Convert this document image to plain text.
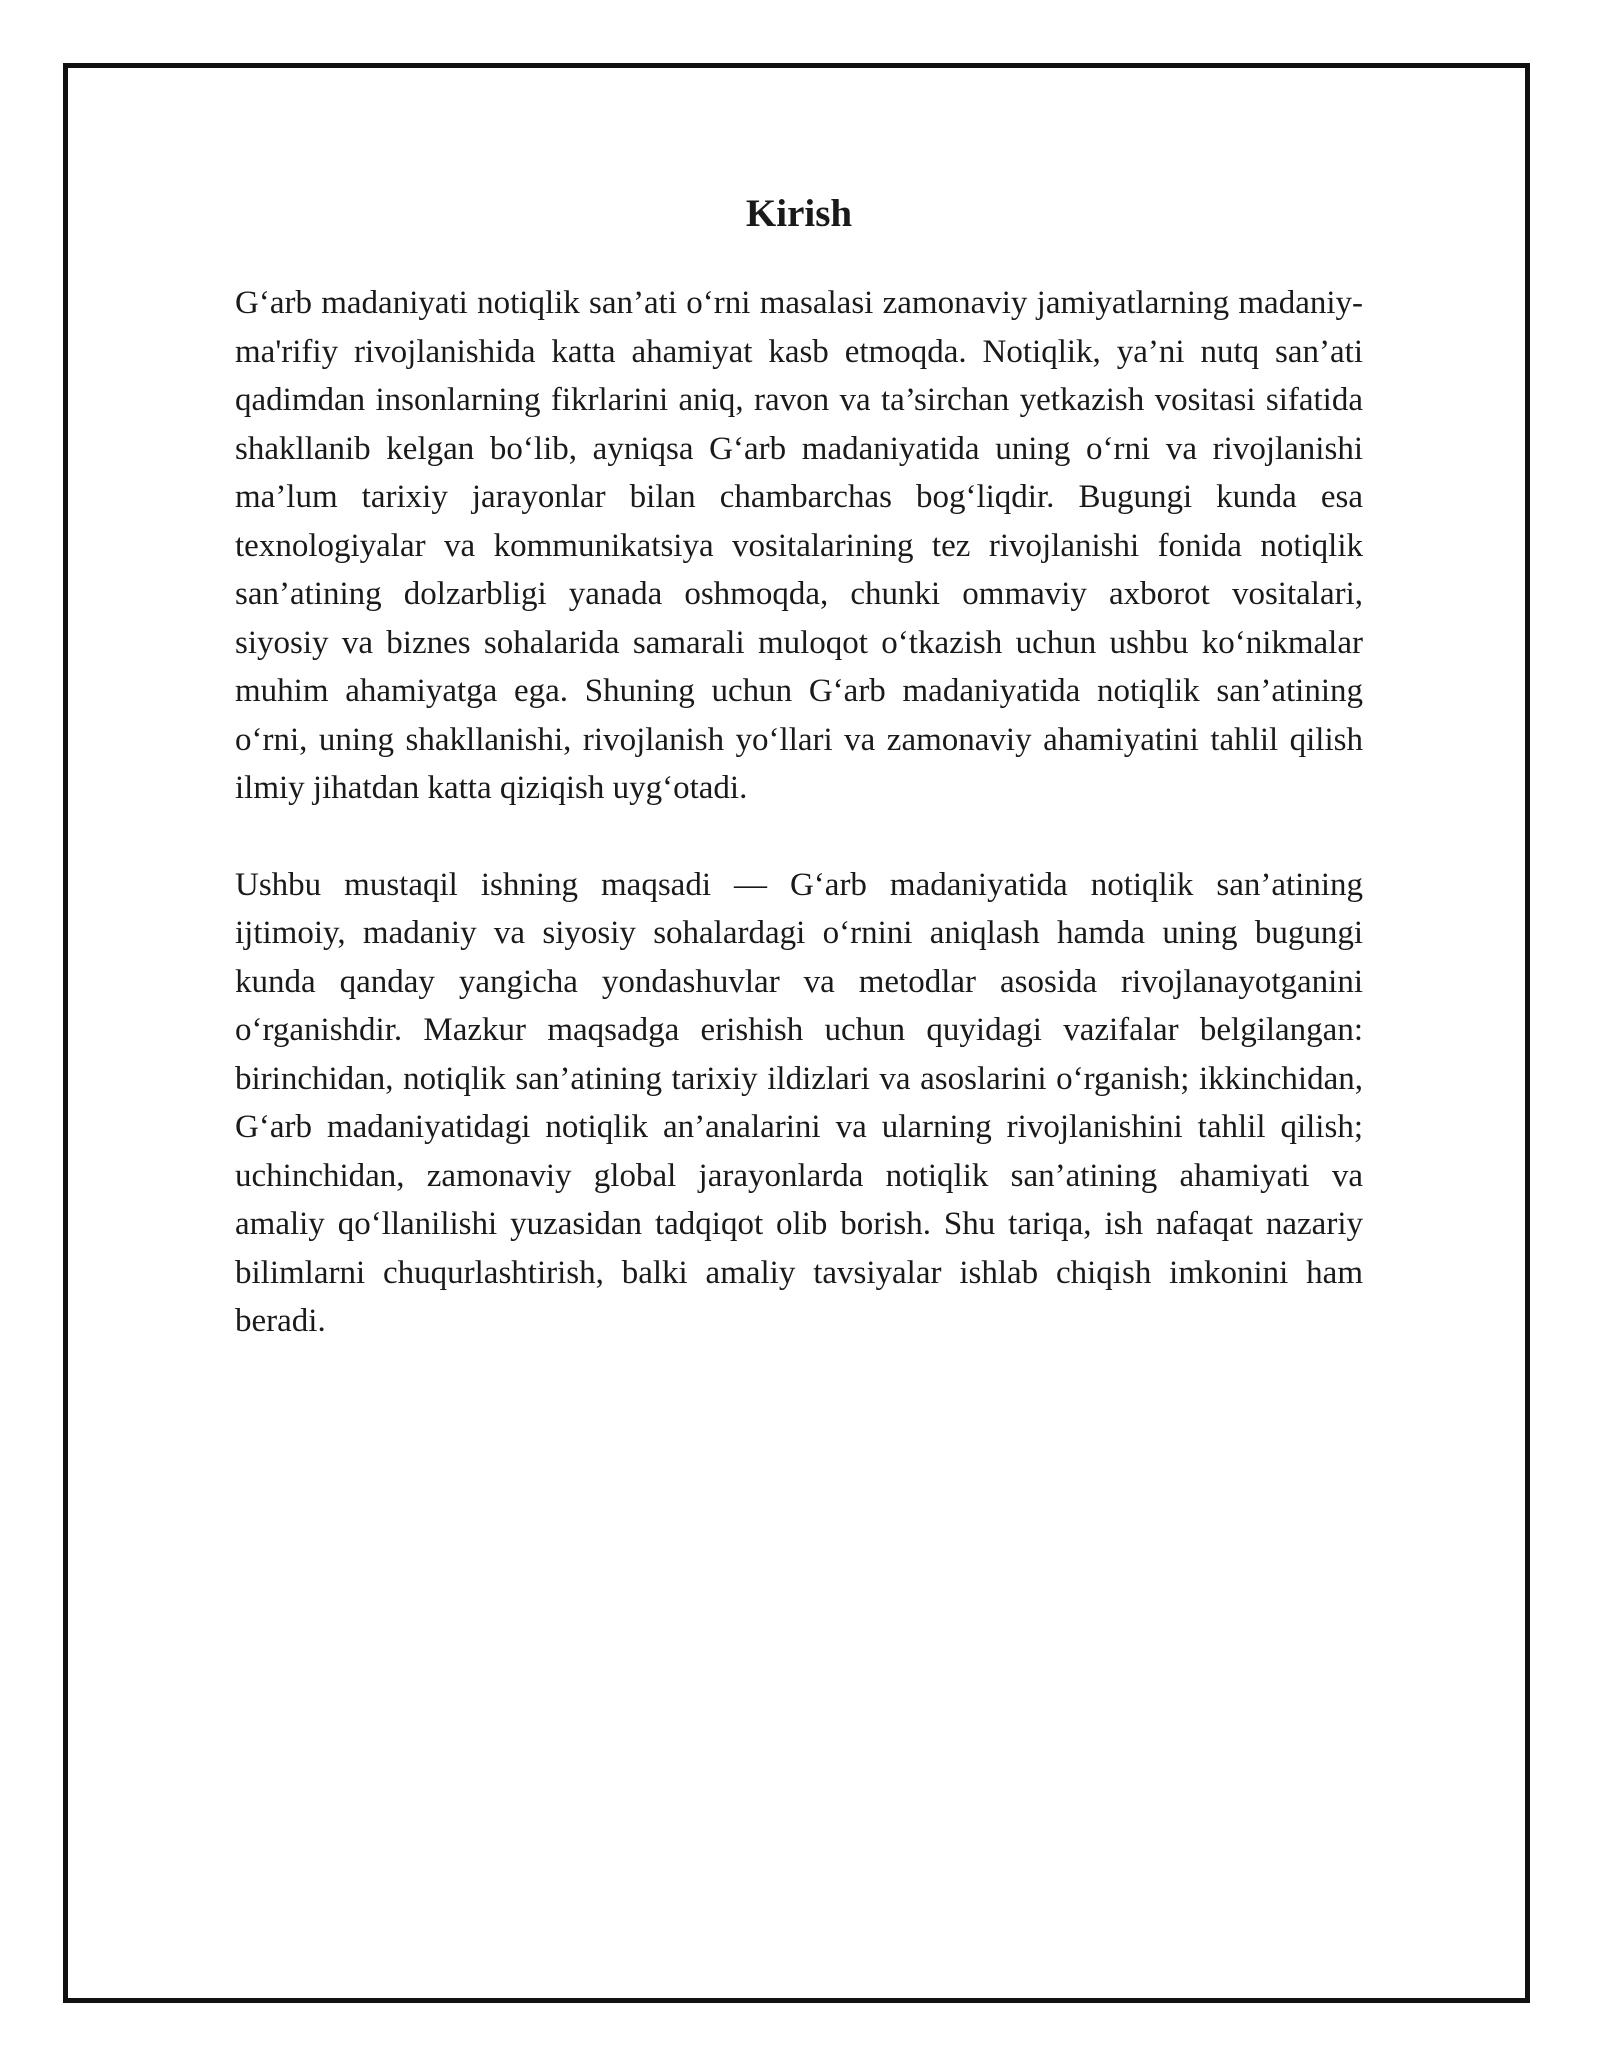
Kirish

G‘arb madaniyati notiqlik san’ati o‘rni masalasi zamonaviy jamiyatlarning madaniy-ma'rifiy rivojlanishida katta ahamiyat kasb etmoqda. Notiqlik, ya’ni nutq san’ati qadimdan insonlarning fikrlarini aniq, ravon va ta’sirchan yetkazish vositasi sifatida shakllanib kelgan bo‘lib, ayniqsa G‘arb madaniyatida uning o‘rni va rivojlanishi ma’lum tarixiy jarayonlar bilan chambarchas bog‘liqdir. Bugungi kunda esa texnologiyalar va kommunikatsiya vositalarining tez rivojlanishi fonida notiqlik san’atining dolzarbligi yanada oshmoqda, chunki ommaviy axborot vositalari, siyosiy va biznes sohalarida samarali muloqot o‘tkazish uchun ushbu ko‘nikmalar muhim ahamiyatga ega. Shuning uchun G‘arb madaniyatida notiqlik san’atining o‘rni, uning shakllanishi, rivojlanish yo‘llari va zamonaviy ahamiyatini tahlil qilish ilmiy jihatdan katta qiziqish uyg‘otadi.

Ushbu mustaqil ishning maqsadi — G‘arb madaniyatida notiqlik san’atining ijtimoiy, madaniy va siyosiy sohalardagi o‘rnini aniqlash hamda uning bugungi kunda qanday yangicha yondashuvlar va metodlar asosida rivojlanayotganini o‘rganishdir. Mazkur maqsadga erishish uchun quyidagi vazifalar belgilangan: birinchidan, notiqlik san’atining tarixiy ildizlari va asoslarini o‘rganish; ikkinchidan, G‘arb madaniyatidagi notiqlik an’analarini va ularning rivojlanishini tahlil qilish; uchinchidan, zamonaviy global jarayonlarda notiqlik san’atining ahamiyati va amaliy qo‘llanilishi yuzasidan tadqiqot olib borish. Shu tariqa, ish nafaqat nazariy bilimlarni chuqurlashtirish, balki amaliy tavsiyalar ishlab chiqish imkonini ham beradi.
